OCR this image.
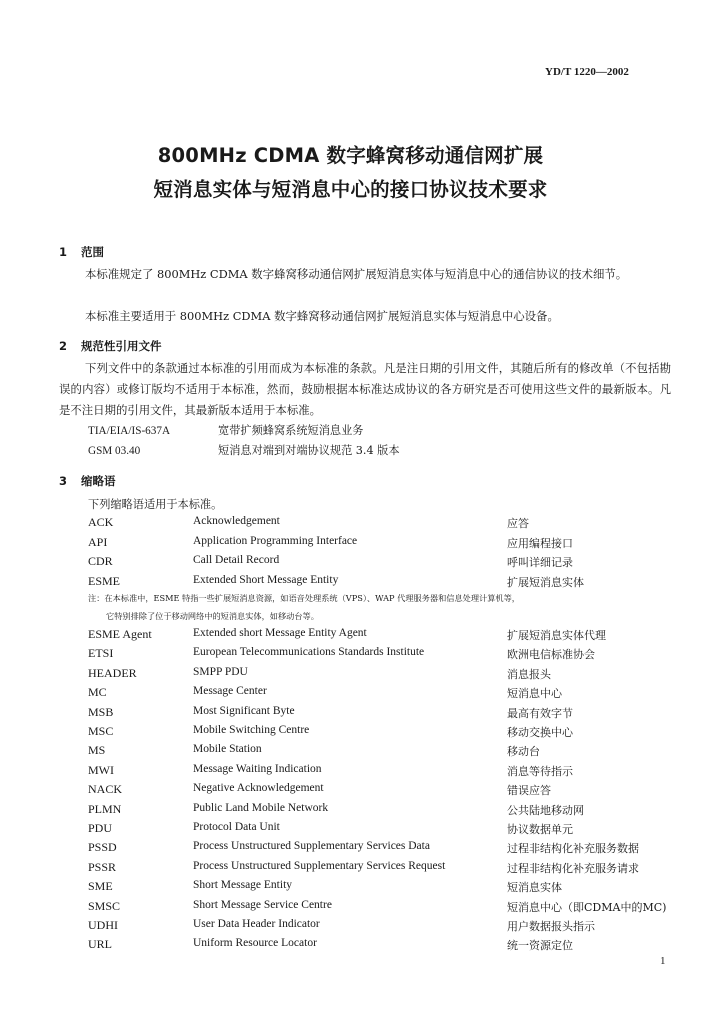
YD/T 1220—2002
800MHz CDMA 数字蜂窝移动通信网扩展
短消息实体与短消息中心的接口协议技术要求
1 范围
本标准规定了 800MHz CDMA 数字蜂窝移动通信网扩展短消息实体与短消息中心的通信协议的技术细节。
本标准主要适用于 800MHz CDMA 数字蜂窝移动通信网扩展短消息实体与短消息中心设备。
2 规范性引用文件
下列文件中的条款通过本标准的引用而成为本标准的条款。凡是注日期的引用文件，其随后所有的修改单（不包括勘误的内容）或修订版均不适用于本标准，然而，鼓励根据本标准达成协议的各方研究是否可使用这些文件的最新版本。凡是不注日期的引用文件，其最新版本适用于本标准。
TIA/EIA/IS-637A	宽带扩频蜂窝系统短消息业务
GSM 03.40	短消息对端到对端协议规范 3.4 版本
3 缩略语
下列缩略语适用于本标准。
ACK	Acknowledgement	应答
API	Application Programming Interface	应用编程接口
CDR	Call Detail Record	呼叫详细记录
ESME	Extended Short Message Entity	扩展短消息实体
注：在本标准中，ESME 特指一些扩展短消息资源，如语音处理系统（VPS）、WAP 代理服务器和信息处理计算机等，
它特别排除了位于移动网络中的短消息实体，如移动台等。
ESME Agent	Extended short Message Entity Agent	扩展短消息实体代理
ETSI	European Telecommunications Standards Institute	欧洲电信标准协会
HEADER	SMPP PDU	消息报头
MC	Message Center	短消息中心
MSB	Most Significant Byte	最高有效字节
MSC	Mobile Switching Centre	移动交换中心
MS	Mobile Station	移动台
MWI	Message Waiting Indication	消息等待指示
NACK	Negative Acknowledgement	错误应答
PLMN	Public Land Mobile Network	公共陆地移动网
PDU	Protocol Data Unit	协议数据单元
PSSD	Process Unstructured Supplementary Services Data	过程非结构化补充服务数据
PSSR	Process Unstructured Supplementary Services Request	过程非结构化补充服务请求
SME	Short Message Entity	短消息实体
SMSC	Short Message Service Centre	短消息中心（即CDMA中的MC)
UDHI	User Data Header Indicator	用户数据报头指示
URL	Uniform Resource Locator	统一资源定位
1
